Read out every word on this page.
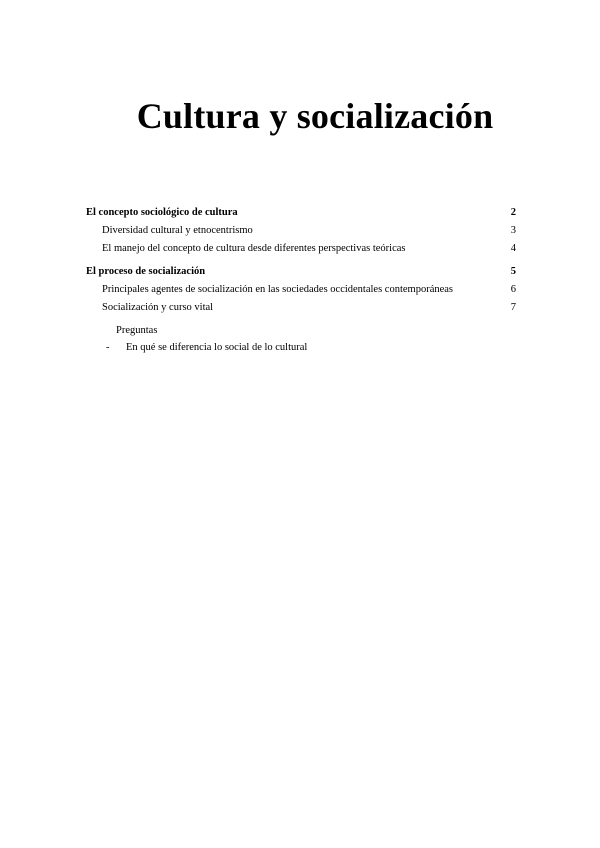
Cultura y socialización
El concepto sociológico de cultura	2
Diversidad cultural y etnocentrismo	3
El manejo del concepto de cultura desde diferentes perspectivas teóricas	4
El proceso de socialización	5
Principales agentes de socialización en las sociedades occidentales contemporáneas	6
Socialización y curso vital	7
Preguntas
-	En qué se diferencia lo social de lo cultural
